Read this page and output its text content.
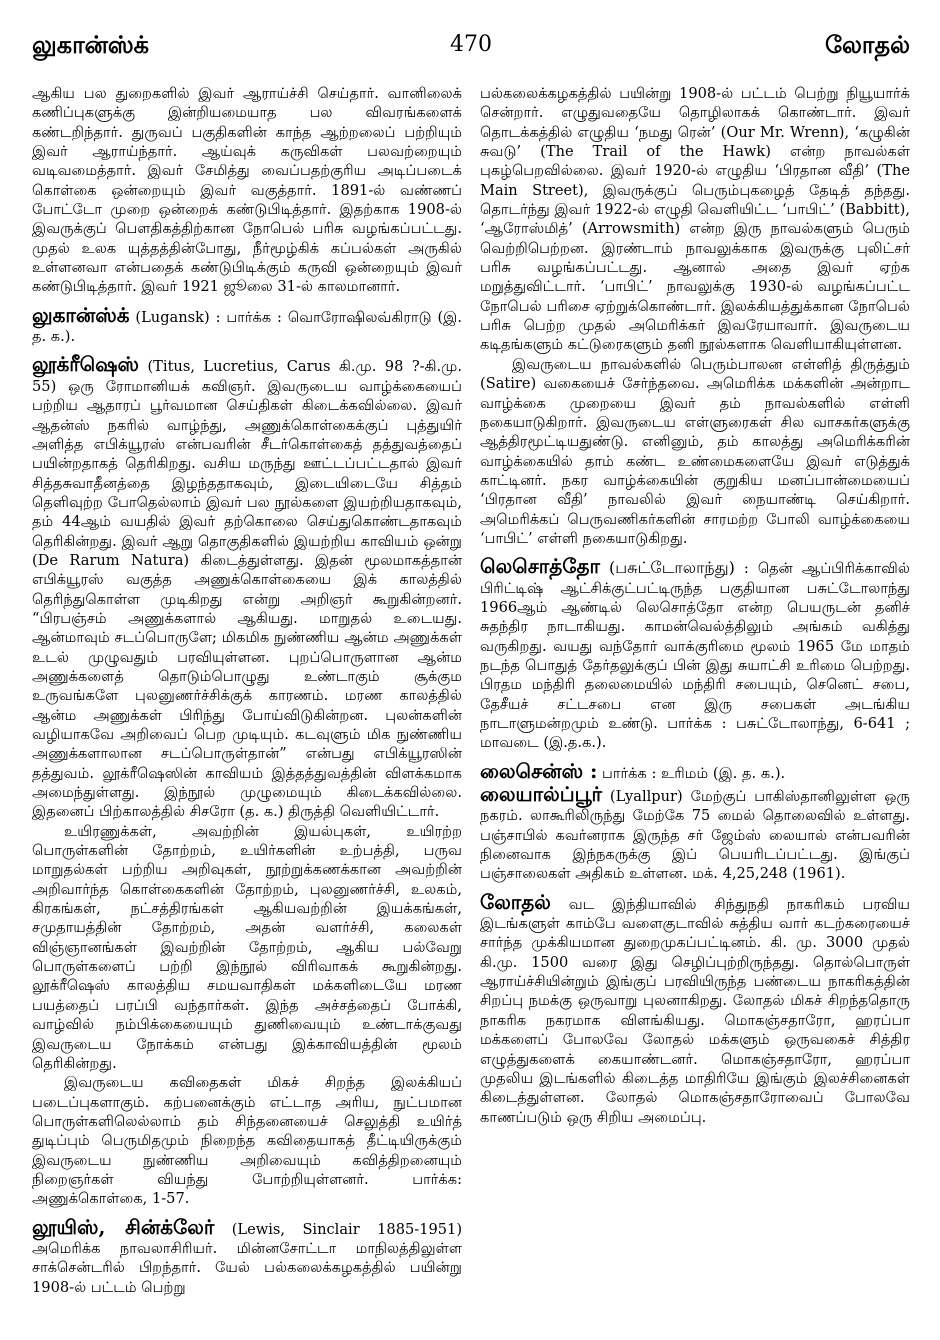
லுகான்ஸ்க்	470	லோதல்

ஆகிய பல துறைகளில் இவர் ஆராய்ச்சி செய்தார். வானிலைக் கணிப்புகளுக்கு இன்றியமையாத பல விவரங்களைக் கண்டறிந்தார். துருவப் பகுதிகளின் காந்த ஆற்றலைப் பற்றியும் இவர் ஆராய்ந்தார். ஆய்வுக் கருவிகள் பலவற்றையும் வடிவமைத்தார். இவர் சேமித்து வைப்பதற்குரிய அடிப்படைக் கொள்கை ஒன்றையும் இவர் வகுத்தார். 1891-ல் வண்ணப் போட்டோ முறை ஒன்றைக் கண்டுபிடித்தார். இதற்காக 1908-ல் இவருக்குப் பௌதிகத்திற்கான நோபெல் பரிசு வழங்கப்பட்டது. முதல் உலக யுத்தத்தின்போது, நீர்மூழ்கிக் கப்பல்கள் அருகில் உள்ளனவா என்பதைக் கண்டுபிடிக்கும் கருவி ஒன்றையும் இவர் கண்டுபிடித்தார். இவர் 1921 ஜூலை 31-ல் காலமானார்.

லுகான்ஸ்க் (Lugansk) : பார்க்க : வொரோஷிலவ்கிராடு (இ. த. க.).

லூக்ரீஷெஸ் (Titus, Lucretius, Carus கி.மு. 98 ?-கி.மு. 55) ஒரு ரோமானியக் கவிஞர். இவருடைய வாழ்க்கையைப் பற்றிய ஆதாரப் பூர்வமான செய்திகள் கிடைக்கவில்லை. இவர் ஆதன்ஸ் நகரில் வாழ்ந்து, அணுக்கொள்கைக்குப் புத்துயிர் அளித்த எபிக்யூரஸ் என்பவரின் சீடர்கொள்கைத் தத்துவத்தைப் பயின்றதாகத் தெரிகிறது. வசிய மருந்து ஊட்டப்பட்டதால் இவர் சித்தசுவாதீனத்தை இழந்ததாகவும், இடையிடையே சித்தம் தெளிவுற்ற போதெல்லாம் இவர் பல நூல்களை இயற்றியதாகவும், தம் 44ஆம் வயதில் இவர் தற்கொலை செய்துகொண்டதாகவும் தெரிகின்றது. இவர் ஆறு தொகுதிகளில் இயற்றிய காவியம் ஒன்று (De Rarum Natura) கிடைத்துள்ளது. இதன் மூலமாகத்தான் எபிக்யூரஸ் வகுத்த அணுக்கொள்கையை இக் காலத்தில் தெரிந்துகொள்ள முடிகிறது என்று அறிஞர் கூறுகின்றனர். “பிரபஞ்சம் அணுக்களால் ஆகியது. மாறுதல் உடையது. ஆன்மாவும் சடப்பொருளே; மிகமிக நுண்ணிய ஆன்ம அணுக்கள் உடல் முழுவதும் பரவியுள்ளன. புறப்பொருளான ஆன்ம அணுக்களைத் தொடும்பொழுது உண்டாகும் சூக்கும உருவங்களே புலனுணர்ச்சிக்குக் காரணம். மரண காலத்தில் ஆன்ம அணுக்கள் பிரிந்து போய்விடுகின்றன. புலன்களின் வழியாகவே அறிவைப் பெற முடியும். கடவுளும் மிக நுண்ணிய அணுக்களாலான சடப்பொருள்தான்” என்பது எபிக்யூரஸின் தத்துவம். லூக்ரீஷெஸின் காவியம் இத்தத்துவத்தின் விளக்கமாக அமைந்துள்ளது. இந்நூல் முழுமையும் கிடைக்கவில்லை. இதனைப் பிற்காலத்தில் சிசரோ (த. க.) திருத்தி வெளியிட்டார்.

உயிரணுக்கள், அவற்றின் இயல்புகள், உயிரற்ற பொருள்களின் தோற்றம், உயிர்களின் உற்பத்தி, பருவ மாறுதல்கள் பற்றிய அறிவுகள், நூற்றுக்கணக்கான அவற்றின் அறிவார்ந்த கொள்கைகளின் தோற்றம், புலனுணர்ச்சி, உலகம், கிரகங்கள், நட்சத்திரங்கள் ஆகியவற்றின் இயக்கங்கள், சமுதாயத்தின் தோற்றம், அதன் வளர்ச்சி, கலைகள் விஞ்ஞானங்கள் இவற்றின் தோற்றம், ஆகிய பல்வேறு பொருள்களைப் பற்றி இந்நூல் விரிவாகக் கூறுகின்றது. லூக்ரீஷெஸ் காலத்திய சமயவாதிகள் மக்களிடையே மரண பயத்தைப் பரப்பி வந்தார்கள். இந்த அச்சத்தைப் போக்கி, வாழ்வில் நம்பிக்கையையும் துணிவையும் உண்டாக்குவது இவருடைய நோக்கம் என்பது இக்காவியத்தின் மூலம் தெரிகின்றது.

இவருடைய கவிதைகள் மிகச் சிறந்த இலக்கியப் படைப்புகளாகும். கற்பனைக்கும் எட்டாத அரிய, நுட்பமான பொருள்களிலெல்லாம் தம் சிந்தனையைச் செலுத்தி உயிர்த் துடிப்பும் பெருமிதமும் நிறைந்த கவிதையாகத் தீட்டியிருக்கும் இவருடைய நுண்ணிய அறிவையும் கவித்திறனையும் நிறைஞர்கள் வியந்து போற்றியுள்ளனர். பார்க்க: அணுக்கொள்கை, 1-57.

லூயிஸ், சின்க்லேர் (Lewis, Sinclair 1885-1951) அமெரிக்க நாவலாசிரியர். மின்னசோட்டா மாநிலத்திலுள்ள சாக்சென்டரில் பிறந்தார். யேல் பல்கலைக்கழகத்தில் பயின்று 1908-ல் பட்டம் பெற்று

பல்கலைக்கழகத்தில் பயின்று 1908-ல் பட்டம் பெற்று நியூயார்க் சென்றார். எழுதுவதையே தொழிலாகக் கொண்டார். இவர் தொடக்கத்தில் எழுதிய ‘நமது ரென்’ (Our Mr. Wrenn), ‘கழுகின் சுவடு’ (The Trail of the Hawk) என்ற நாவல்கள் புகழ்பெறவில்லை. இவர் 1920-ல் எழுதிய ‘பிரதான வீதி’ (The Main Street), இவருக்குப் பெரும்புகழைத் தேடித் தந்தது. தொடர்ந்து இவர் 1922-ல் எழுதி வெளியிட்ட ‘பாபிட்’ (Babbitt), ‘ஆரோஸ்மித்’ (Arrowsmith) என்ற இரு நாவல்களும் பெரும் வெற்றிபெற்றன. இரண்டாம் நாவலுக்காக இவருக்கு புலிட்சர் பரிசு வழங்கப்பட்டது. ஆனால் அதை இவர் ஏற்க மறுத்துவிட்டார். ‘பாபிட்’ நாவலுக்கு 1930-ல் வழங்கப்பட்ட நோபெல் பரிசை ஏற்றுக்கொண்டார். இலக்கியத்துக்கான நோபெல் பரிசு பெற்ற முதல் அமெரிக்கர் இவரேயாவார். இவருடைய கடிதங்களும் கட்டுரைகளும் தனி நூல்களாக வெளியாகியுள்ளன.

இவருடைய நாவல்களில் பெரும்பாலன எள்ளித் திருத்தும் (Satire) வகையைச் சேர்ந்தவை. அமெரிக்க மக்களின் அன்றாட வாழ்க்கை முறையை இவர் தம் நாவல்களில் எள்ளி நகையாடுகிறார். இவருடைய எள்ளுரைகள் சில வாசகர்களுக்கு ஆத்திரமூட்டியதுண்டு. எனினும், தம் காலத்து அமெரிக்கரின் வாழ்க்கையில் தாம் கண்ட உண்மைகளையே இவர் எடுத்துக் காட்டினர். நகர வாழ்க்கையின் குறுகிய மனப்பான்மையைப் ‘பிரதான வீதி’ நாவலில் இவர் நையாண்டி செய்கிறார். அமெரிக்கப் பெருவணிகர்களின் சாரமற்ற போலி வாழ்க்கையை ‘பாபிட்’ எள்ளி நகையாடுகிறது.

லெசொத்தோ (பசுட்டோலாந்து) : தென் ஆப்பிரிக்காவில் பிரிட்டிஷ் ஆட்சிக்குட்பட்டிருந்த பகுதியான பசுட்டோலாந்து 1966ஆம் ஆண்டில் லெசொத்தோ என்ற பெயருடன் தனிச் சுதந்திர நாடாகியது. காமன்வெல்த்திலும் அங்கம் வகித்து வருகிறது. வயது வந்தோர் வாக்குரிமை மூலம் 1965 மே மாதம் நடந்த பொதுத் தேர்தலுக்குப் பின் இது சுயாட்சி உரிமை பெற்றது. பிரதம மந்திரி தலைமையில் மந்திரி சபையும், செனெட் சபை, தேசீயச் சட்டசபை என இரு சபைகள் அடங்கிய நாடாளுமன்றமும் உண்டு. பார்க்க : பசுட்டோலாந்து, 6-641 ; மாவடை (இ.த.க.).

லைசென்ஸ் : பார்க்க : உரிமம் (இ. த. க.).

லையால்ப்பூர் (Lyallpur) மேற்குப் பாகிஸ்தானிலுள்ள ஒரு நகரம். லாகூரிலிருந்து மேற்கே 75 மைல் தொலைவில் உள்ளது. பஞ்சாபில் கவர்னராக இருந்த சர் ஜேம்ஸ் லையால் என்பவரின் நினைவாக இந்நகருக்கு இப் பெயரிடப்பட்டது. இங்குப் பஞ்சாலைகள் அதிகம் உள்ளன. மக். 4,25,248 (1961).

லோதல் வட இந்தியாவில் சிந்துநதி நாகரிகம் பரவிய இடங்களுள் காம்பே வளைகுடாவில் சுத்திய வார் கடற்கரையைச் சார்ந்த முக்கியமான துறைமுகப்பட்டினம். கி. மு. 3000 முதல் கி.மு. 1500 வரை இது செழிப்புற்றிருந்தது. தொல்பொருள் ஆராய்ச்சியின்றும் இங்குப் பரவியிருந்த பண்டைய நாகரிகத்தின் சிறப்பு நமக்கு ஒருவாறு புலனாகிறது. லோதல் மிகச் சிறந்ததொரு நாகரிக நகரமாக விளங்கியது. மொகஞ்சதாரோ, ஹரப்பா மக்களைப் போலவே லோதல் மக்களும் ஒருவகைச் சித்திர எழுத்துகளைக் கையாண்டனர். மொகஞ்சதாரோ, ஹரப்பா முதலிய இடங்களில் கிடைத்த மாதிரியே இங்கும் இலச்சினைகள் கிடைத்துள்ளன. லோதல் மொகஞ்சதாரோவைப் போலவே காணப்படும் ஒரு சிறிய அமைப்பு.
